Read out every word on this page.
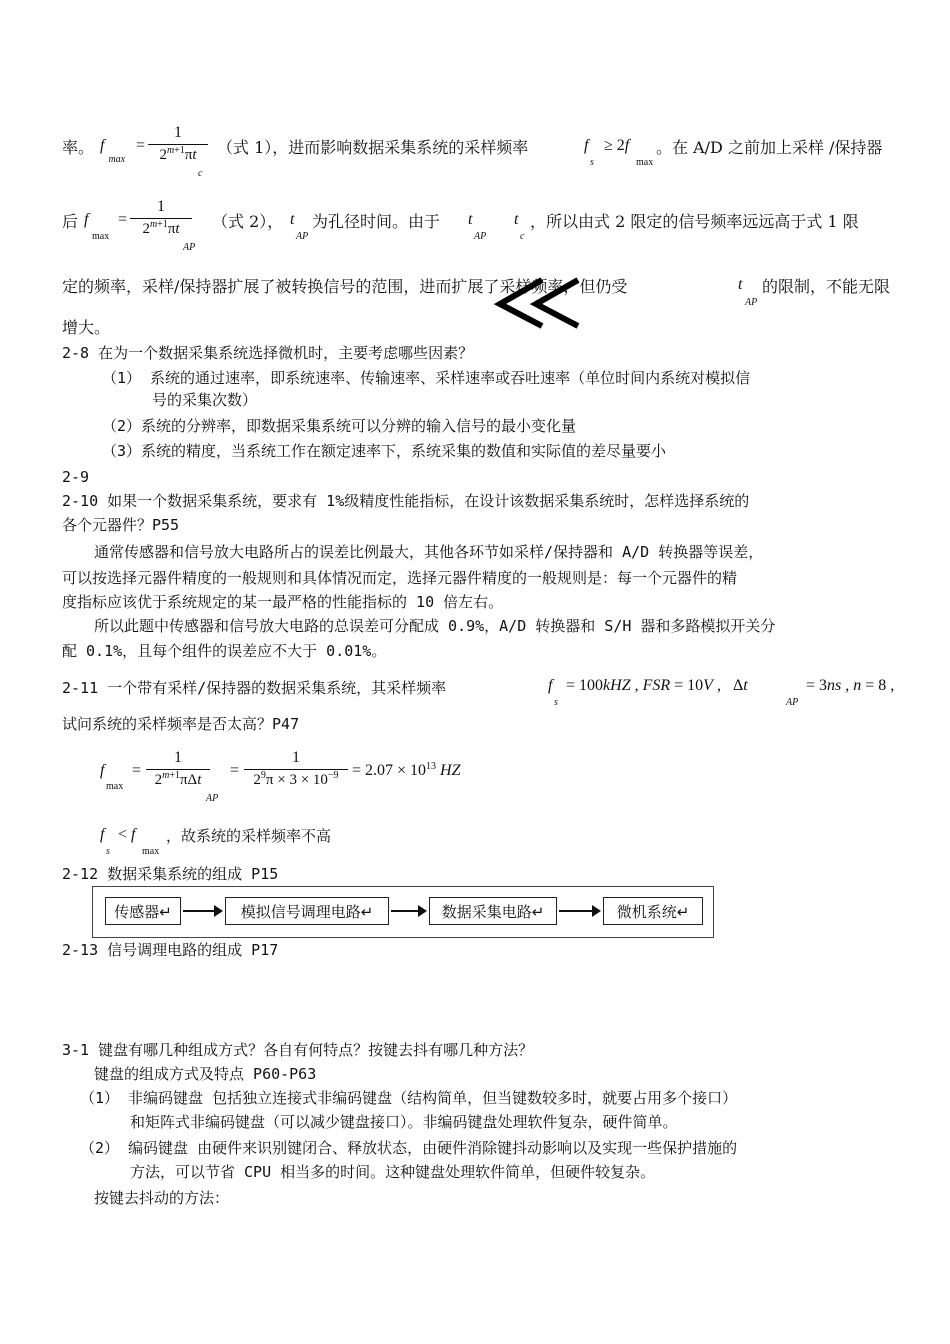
率。 $f_{max}$
=
1
$2^{m+1}\pi t$
c
（式 1），进而影响数据采集系统的采样频率	f
s
≥ 2f
max
。在 A/D 之前加上采样 /保持器
后 f
max
=
1
$2^{m+1}\pi t$
AP
（式 2）， t
AP
为孔径时间。由于 t
AP
t
c
，所以由式 2 限定的信号频率远远高于式 1 限
定的频率，采样/保持器扩展了被转换信号的范围，进而扩展了采样频率，但仍受	t
AP
的限制，不能无限
增大。
2-8 在为一个数据采集系统选择微机时，主要考虑哪些因素？
（1） 系统的通过速率，即系统速率、传输速率、采样速率或吞吐速率（单位时间内系统对模拟信
号的采集次数）
（2）系统的分辨率，即数据采集系统可以分辨的输入信号的最小变化量
（3）系统的精度，当系统工作在额定速率下，系统采集的数值和实际值的差尽量要小
2-9
2-10 如果一个数据采集系统，要求有 1%级精度性能指标，在设计该数据采集系统时，怎样选择系统的
各个元器件？P55
通常传感器和信号放大电路所占的误差比例最大，其他各环节如采样/保持器和 A/D 转换器等误差，
可以按选择元器件精度的一般规则和具体情况而定，选择元器件精度的一般规则是：每一个元器件的精
度指标应该优于系统规定的某一最严格的性能指标的 10 倍左右。
所以此题中传感器和信号放大电路的总误差可分配成 0.9%，A/D 转换器和 S/H 器和多路模拟开关分
配 0.1%，且每个组件的误差应不大于 0.01%。
2-11 一个带有采样/保持器的数据采集系统，其采样频率	f
s
= 100kHZ , FSR = 10V ,   Δt
AP
= 3ns , n = 8 ,
试问系统的采样频率是否太高？P47
f
max
=
1
$2^{m+1}\pi\Delta t$
AP
=
1
$2^9\pi \times 3 \times 10^{-9} = 2.07 \times 10^{13}$ HZ
f
s
< f
max
，故系统的采样频率不高
2-12 数据采集系统的组成 P15
传感器↵	模拟信号调理电路↵	数据采集电路↵	微机系统↵
2-13 信号调理电路的组成 P17
3-1 键盘有哪几种组成方式？各自有何特点？按键去抖有哪几种方法？
键盘的组成方式及特点 P60-P63
（1） 非编码键盘 包括独立连接式非编码键盘（结构简单，但当键数较多时，就要占用多个接口）
和矩阵式非编码键盘（可以减少键盘接口）。非编码键盘处理软件复杂，硬件简单。
（2） 编码键盘 由硬件来识别键闭合、释放状态，由硬件消除键抖动影响以及实现一些保护措施的
方法，可以节省 CPU 相当多的时间。这种键盘处理软件简单，但硬件较复杂。
按键去抖动的方法：
